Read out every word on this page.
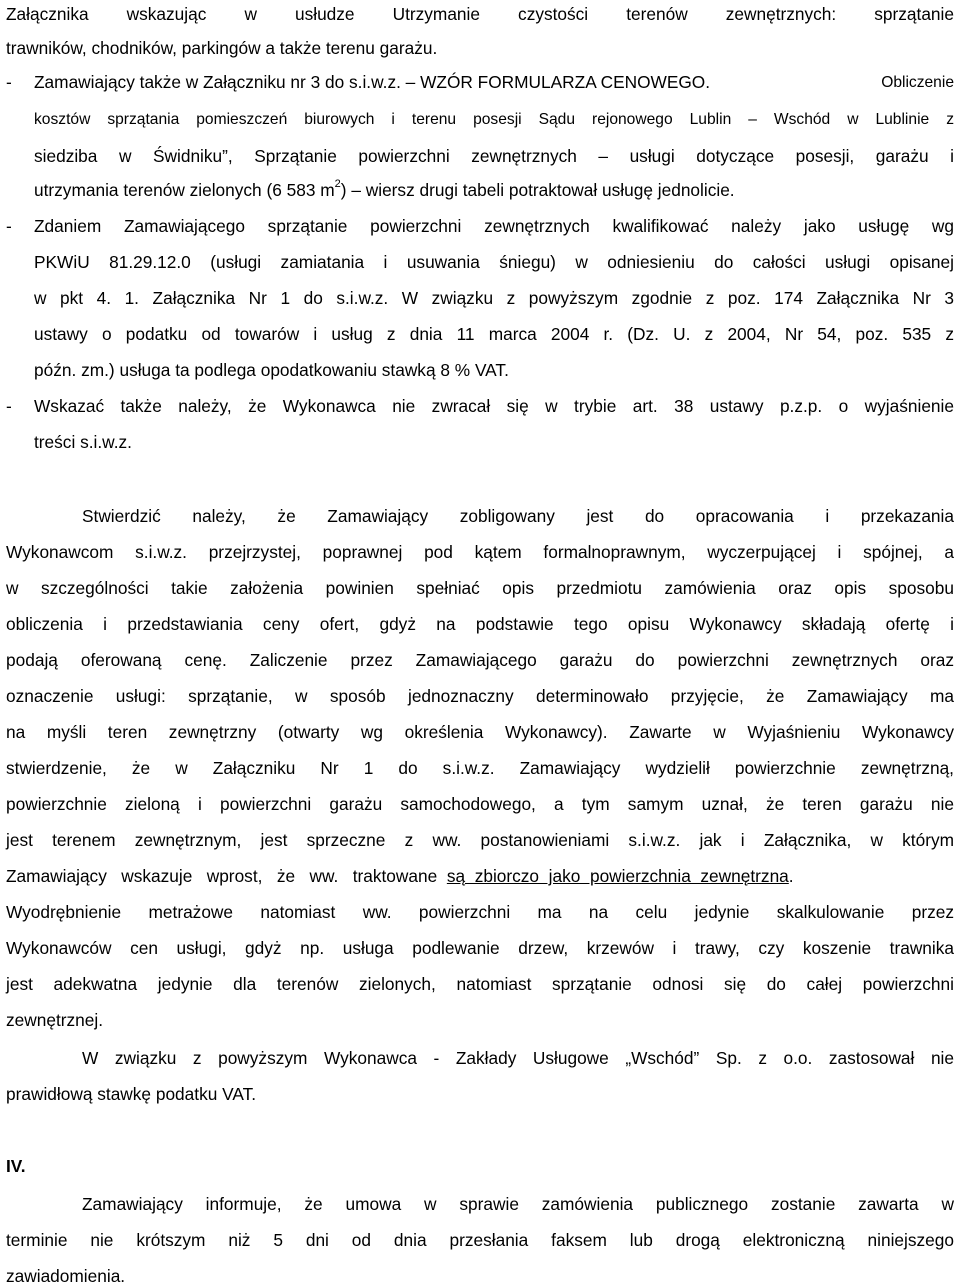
Załącznika wskazując w usłudze Utrzymanie czystości terenów zewnętrznych: sprzątanie
trawników, chodników, parkingów a także terenu garażu.
- Zamawiający także w Załączniku nr 3 do s.i.w.z. – WZÓR FORMULARZA CENOWEGO.	Obliczenie
kosztów sprzątania pomieszczeń biurowych i terenu posesji Sądu rejonowego Lublin – Wschód w Lublinie z
siedziba w Świdniku”, Sprzątanie powierzchni zewnętrznych – usługi dotyczące posesji, garażu i
utrzymania terenów zielonych (6 583 $m^2$) – wiersz drugi tabeli potraktował usługę jednolicie.
- Zdaniem Zamawiającego sprzątanie powierzchni zewnętrznych kwalifikować należy jako usługę wg
PKWiU 81.29.12.0 (usługi zamiatania i usuwania śniegu) w odniesieniu do całości usługi opisanej
w pkt 4. 1. Załącznika Nr 1 do s.i.w.z. W związku z powyższym zgodnie z poz. 174 Załącznika Nr 3
ustawy o podatku od towarów i usług z dnia 11 marca 2004 r. (Dz. U. z 2004, Nr 54, poz. 535 z
późn. zm.) usługa ta podlega opodatkowaniu stawką 8 % VAT.
- Wskazać także należy, że Wykonawca nie zwracał się w trybie art. 38 ustawy p.z.p. o wyjaśnienie
treści s.i.w.z.
Stwierdzić należy, że Zamawiający zobligowany jest do opracowania i przekazania
Wykonawcom s.i.w.z. przejrzystej, poprawnej pod kątem formalnoprawnym, wyczerpującej i spójnej, a
w szczególności takie założenia powinien spełniać opis przedmiotu zamówienia oraz opis sposobu
obliczenia i przedstawiania ceny ofert, gdyż na podstawie tego opisu Wykonawcy składają ofertę i
podają oferowaną cenę. Zaliczenie przez Zamawiającego garażu do powierzchni zewnętrznych oraz
oznaczenie usługi: sprzątanie, w sposób jednoznaczny determinowało przyjęcie, że Zamawiający ma
na myśli teren zewnętrzny (otwarty wg określenia Wykonawcy). Zawarte w Wyjaśnieniu Wykonawcy
stwierdzenie, że w Załączniku Nr 1 do s.i.w.z. Zamawiający wydzielił powierzchnie zewnętrzną,
powierzchnie zieloną i powierzchni garażu samochodowego, a tym samym uznał, że teren garażu nie
jest terenem zewnętrznym, jest sprzeczne z ww. postanowieniami s.i.w.z. jak i Załącznika, w którym
Zamawiający   wskazuje   wprost,   że   ww.   traktowane są  zbiorczo  jako  powierzchnia  zewnętrzna.
Wyodrębnienie metrażowe natomiast ww. powierzchni ma na celu jedynie skalkulowanie przez
Wykonawców cen usługi, gdyż np. usługa podlewanie drzew, krzewów i trawy, czy koszenie trawnika
jest adekwatna jedynie dla terenów zielonych, natomiast sprzątanie odnosi się do całej powierzchni
zewnętrznej.
W związku z powyższym Wykonawca - Zakłady Usługowe „Wschód” Sp. z o.o. zastosował nie
prawidłową stawkę podatku VAT.
IV.
Zamawiający informuje, że umowa w sprawie zamówienia publicznego zostanie zawarta w
terminie nie krótszym niż 5 dni od dnia przesłania faksem lub drogą elektroniczną niniejszego
zawiadomienia.
